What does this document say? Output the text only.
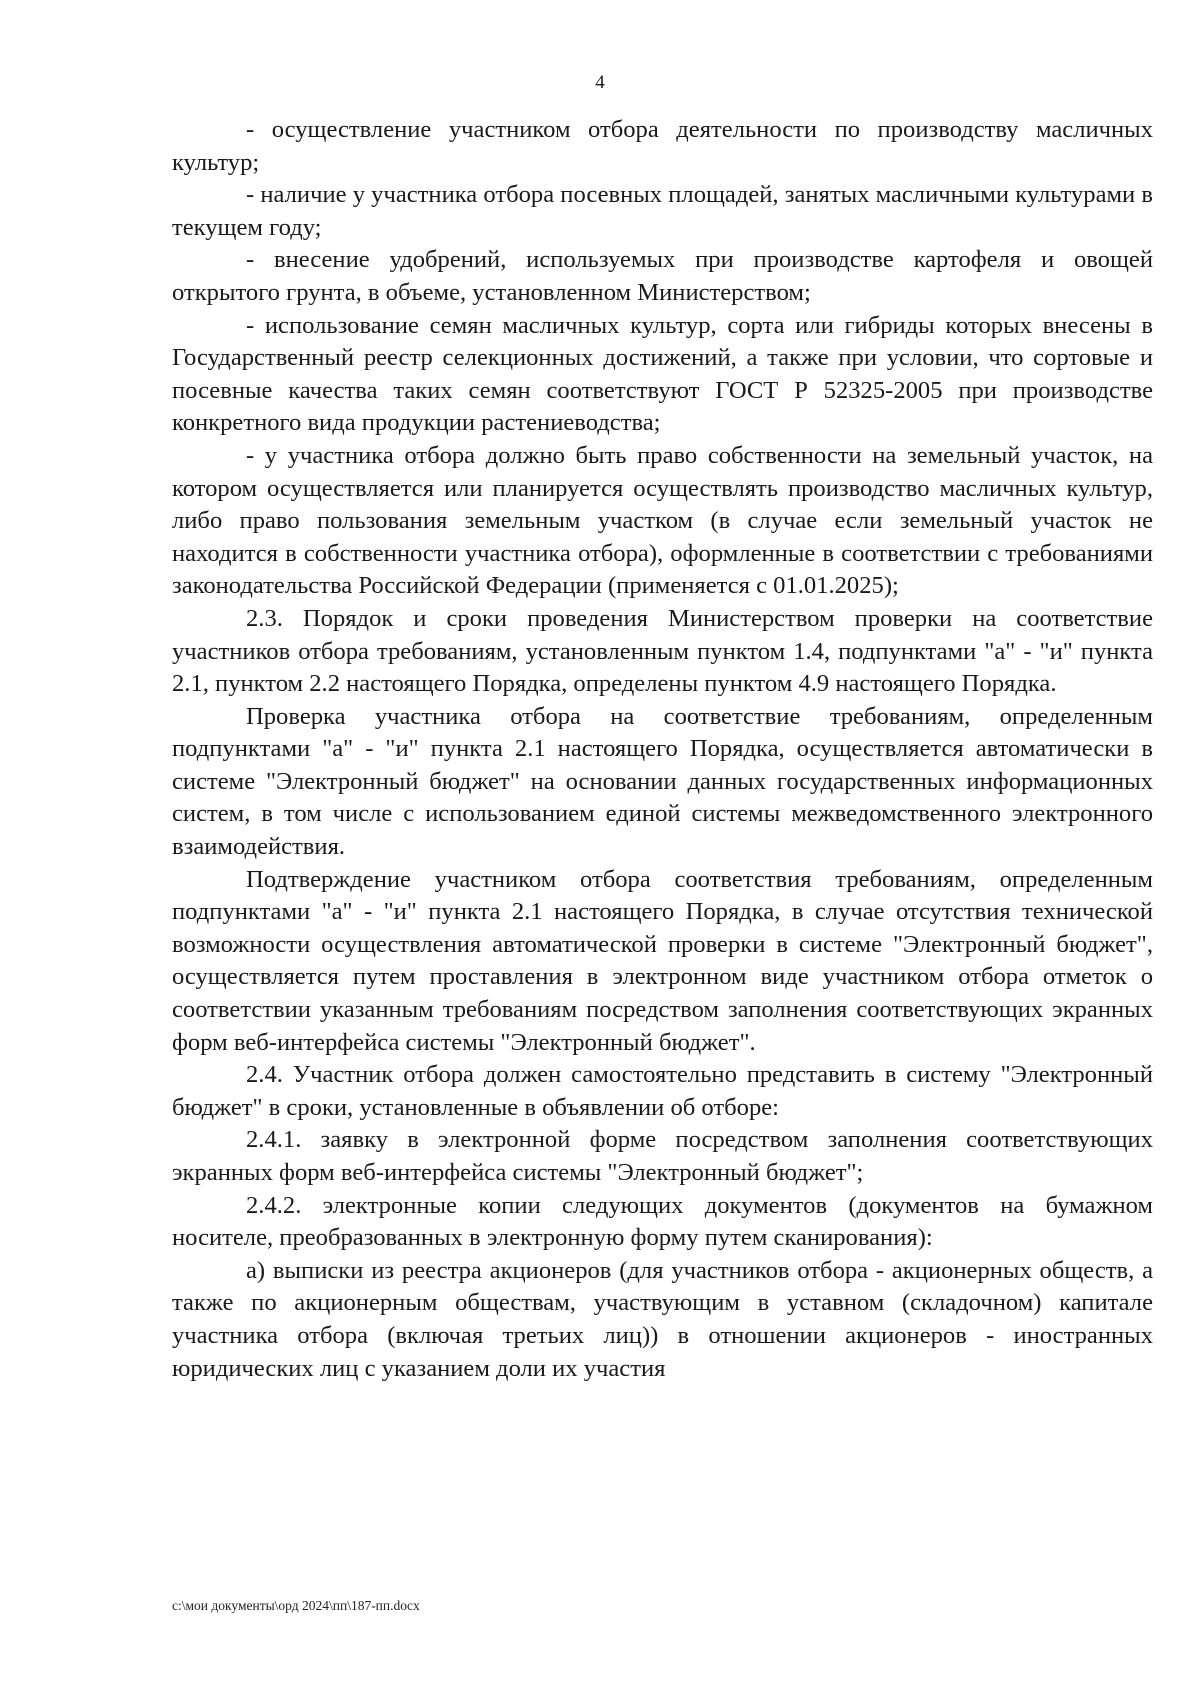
4

- осуществление участником отбора деятельности по производству масличных культур;

- наличие у участника отбора посевных площадей, занятых масличными культурами в текущем году;

- внесение удобрений, используемых при производстве картофеля и овощей открытого грунта, в объеме, установленном Министерством;

- использование семян масличных культур, сорта или гибриды которых внесены в Государственный реестр селекционных достижений, а также при условии, что сортовые и посевные качества таких семян соответствуют ГОСТ Р 52325-2005 при производстве конкретного вида продукции растениеводства;

- у участника отбора должно быть право собственности на земельный участок, на котором осуществляется или планируется осуществлять производство масличных культур, либо право пользования земельным участком (в случае если земельный участок не находится в собственности участника отбора), оформленные в соответствии с требованиями законодательства Российской Федерации (применяется с 01.01.2025);

2.3. Порядок и сроки проведения Министерством проверки на соответствие участников отбора требованиям, установленным пунктом 1.4, подпунктами "а" - "и" пункта 2.1, пунктом 2.2 настоящего Порядка, определены пунктом 4.9 настоящего Порядка.

Проверка участника отбора на соответствие требованиям, определенным подпунктами "а" - "и" пункта 2.1 настоящего Порядка, осуществляется автоматически в системе "Электронный бюджет" на основании данных государственных информационных систем, в том числе с использованием единой системы межведомственного электронного взаимодействия.

Подтверждение участником отбора соответствия требованиям, определенным подпунктами "а" - "и" пункта 2.1 настоящего Порядка, в случае отсутствия технической возможности осуществления автоматической проверки в системе "Электронный бюджет", осуществляется путем проставления в электронном виде участником отбора отметок о соответствии указанным требованиям посредством заполнения соответствующих экранных форм веб-интерфейса системы "Электронный бюджет".

2.4. Участник отбора должен самостоятельно представить в систему "Электронный бюджет" в сроки, установленные в объявлении об отборе:

2.4.1. заявку в электронной форме посредством заполнения соответствующих экранных форм веб-интерфейса системы "Электронный бюджет";

2.4.2. электронные копии следующих документов (документов на бумажном носителе, преобразованных в электронную форму путем сканирования):

а) выписки из реестра акционеров (для участников отбора - акционерных обществ, а также по акционерным обществам, участвующим в уставном (складочном) капитале участника отбора (включая третьих лиц)) в отношении акционеров - иностранных юридических лиц с указанием доли их участия

c:\мои документы\орд 2024\пп\187-пп.docx
